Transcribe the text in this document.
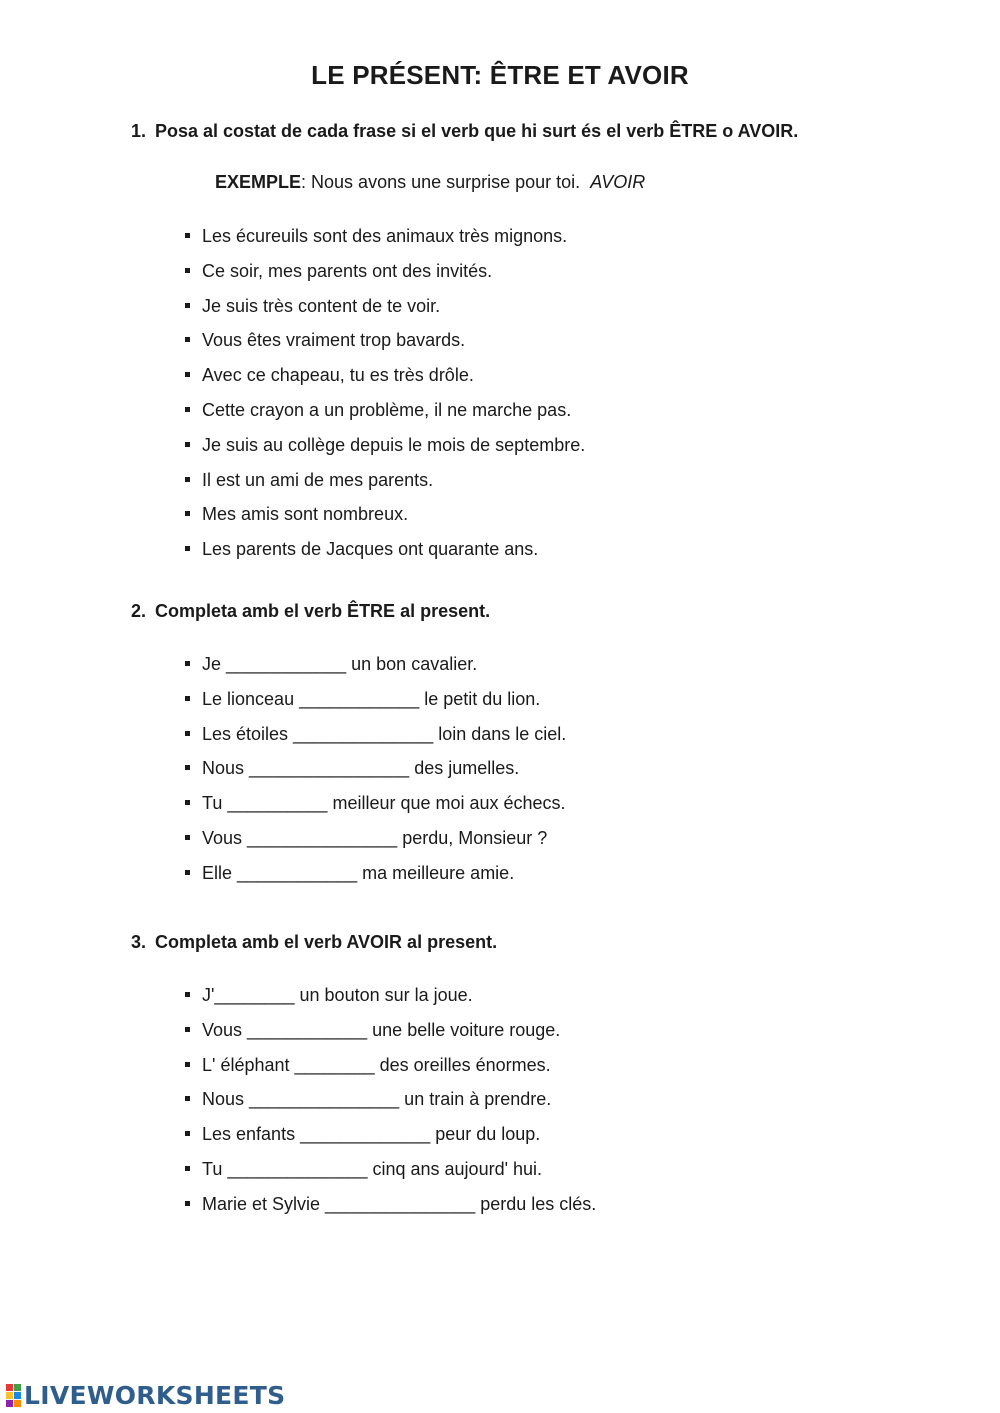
LE PRÉSENT: ÊTRE ET AVOIR
1. Posa al costat de cada frase si el verb que hi surt és el verb ÊTRE o AVOIR.
EXEMPLE: Nous avons une surprise pour toi. AVOIR
Les écureuils sont des animaux très mignons.
Ce soir, mes parents ont des invités.
Je suis très content de te voir.
Vous êtes vraiment trop bavards.
Avec ce chapeau, tu es très drôle.
Cette crayon a un problème, il ne marche pas.
Je suis au collège depuis le mois de septembre.
Il est un ami de mes parents.
Mes amis sont nombreux.
Les parents de Jacques ont quarante ans.
2. Completa amb el verb ÊTRE al present.
Je ____________ un bon cavalier.
Le lionceau ____________ le petit du lion.
Les étoiles ______________ loin dans le ciel.
Nous ________________ des jumelles.
Tu __________ meilleur que moi aux échecs.
Vous _______________ perdu, Monsieur ?
Elle ____________ ma meilleure amie.
3. Completa amb el verb AVOIR al present.
J'________ un bouton sur la joue.
Vous ____________ une belle voiture rouge.
L' éléphant ________ des oreilles énormes.
Nous _______________ un train à prendre.
Les enfants _____________ peur du loup.
Tu ______________ cinq ans aujourd' hui.
Marie et Sylvie _______________ perdu les clés.
LIVEWORKSHEETS
